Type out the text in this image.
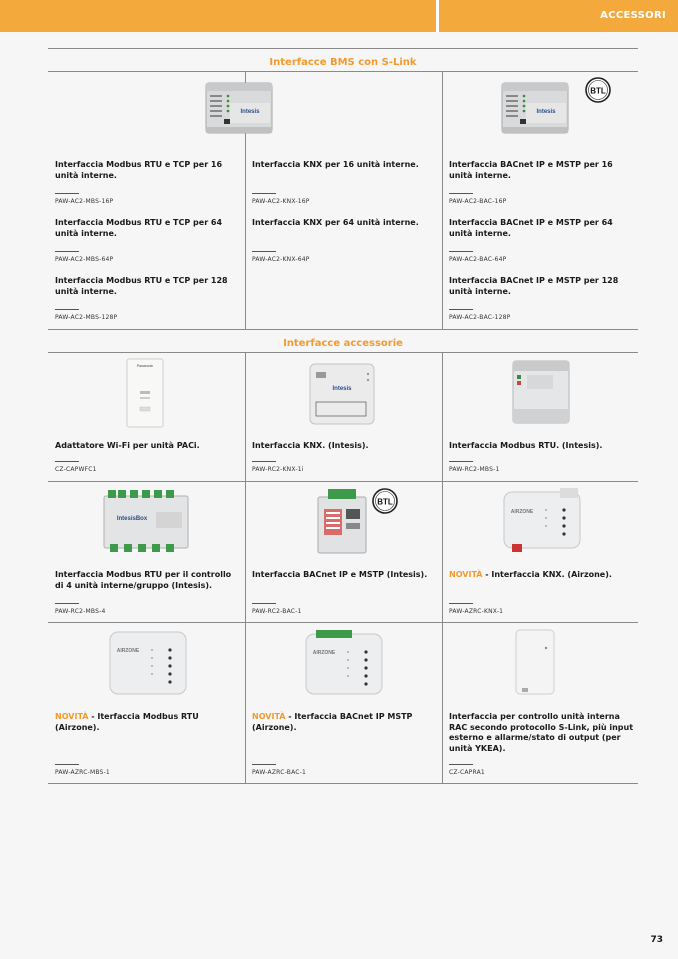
ACCESSORI
Interfacce BMS con S-Link
Intesis	Intesis
BTL
Interfaccia Modbus RTU e TCP per 16 unità interne.
PAW-AC2-MBS-16P
Interfaccia Modbus RTU e TCP per 64 unità interne.
PAW-AC2-MBS-64P
Interfaccia Modbus RTU e TCP per 128 unità interne.
PAW-AC2-MBS-128P
Interfaccia KNX per 16 unità interne.
PAW-AC2-KNX-16P
Interfaccia KNX per 64 unità interne.
PAW-AC2-KNX-64P
Interfaccia BACnet IP e MSTP per 16 unità interne.
PAW-AC2-BAC-16P
Interfaccia BACnet IP e MSTP per 64 unità interne.
PAW-AC2-BAC-64P
Interfaccia BACnet IP e MSTP per 128 unità interne.
PAW-AC2-BAC-128P
Interfacce accessorie
Panasonic
Intesis
Adattatore Wi-Fi per unità PACi.
CZ-CAPWFC1
Interfaccia KNX. (Intesis).
PAW-RC2-KNX-1i
Interfaccia Modbus RTU. (Intesis).
PAW-RC2-MBS-1
IntesisBox
BTL
AIRZONE
Interfaccia Modbus RTU per il controllo di 4 unità interne/gruppo (Intesis).
PAW-RC2-MBS-4
Interfaccia BACnet IP e MSTP (Intesis).
PAW-RC2-BAC-1
NOVITÀ - Interfaccia KNX. (Airzone).
PAW-AZRC-KNX-1
AIRZONE	AIRZONE
NOVITÀ - Iterfaccia Modbus RTU (Airzone).
PAW-AZRC-MBS-1
NOVITÀ - Iterfaccia BACnet IP MSTP (Airzone).
PAW-AZRC-BAC-1
Interfaccia per controllo unità interna RAC secondo protocollo S-Link, più input esterno e allarme/stato di output (per unità YKEA).
CZ-CAPRA1
73
